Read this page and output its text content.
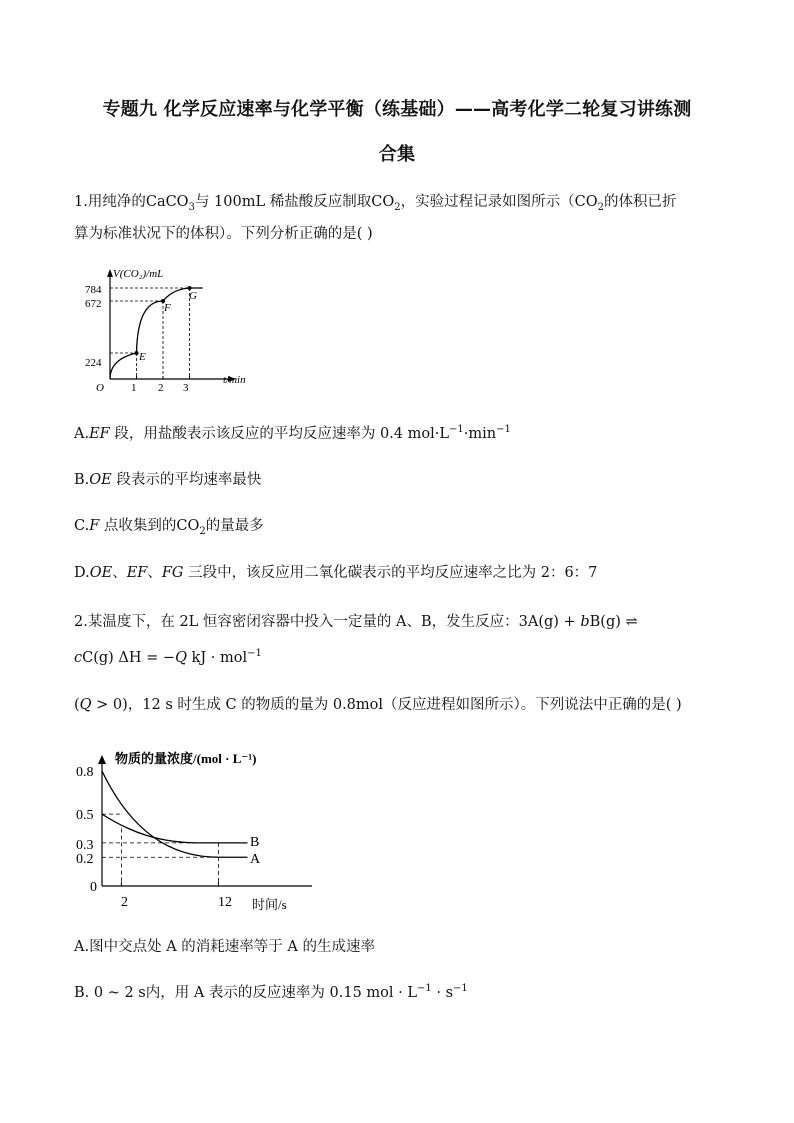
专题九 化学反应速率与化学平衡（练基础）——高考化学二轮复习讲练测
合集
1.用纯净的CaCO$_3$与 100mL 稀盐酸反应制取$CO_2$，实验过程记录如图所示（$CO_2$的体积已折
算为标准状况下的体积）。下列分析正确的是( )
V(CO₂)/mL
t/min
O
784
672
224
1 2 3
E
F
G
A.EF 段，用盐酸表示该反应的平均反应速率为 0.4 $mol\cdot L^{-1}\cdot\min^{-1}$
B.OE 段表示的平均速率最快
C.F 点收集到的$CO_2$的量最多
D.OE、EF、FG 三段中，该反应用二氧化碳表示的平均反应速率之比为 2：6：7
2.某温度下，在 2L 恒容密闭容器中投入一定量的 A、B，发生反应：3A(g) + bB(g) ⇌
cC(g) ΔH = −Q kJ · mol$^{-1}$
(Q > 0)，12 s 时生成 C 的物质的量为 0.8mol（反应进程如图所示）。下列说法中正确的是( )
物质的量浓度/(mol · L⁻¹)
时间/s
0
0.8
0.5
0.3
0.2
2	12
B
A
A.图中交点处 A 的消耗速率等于 A 的生成速率
B. 0 ~ 2 s内，用 A 表示的反应速率为 0.15 mol · $L^{-1} \cdot s^{-1}$
